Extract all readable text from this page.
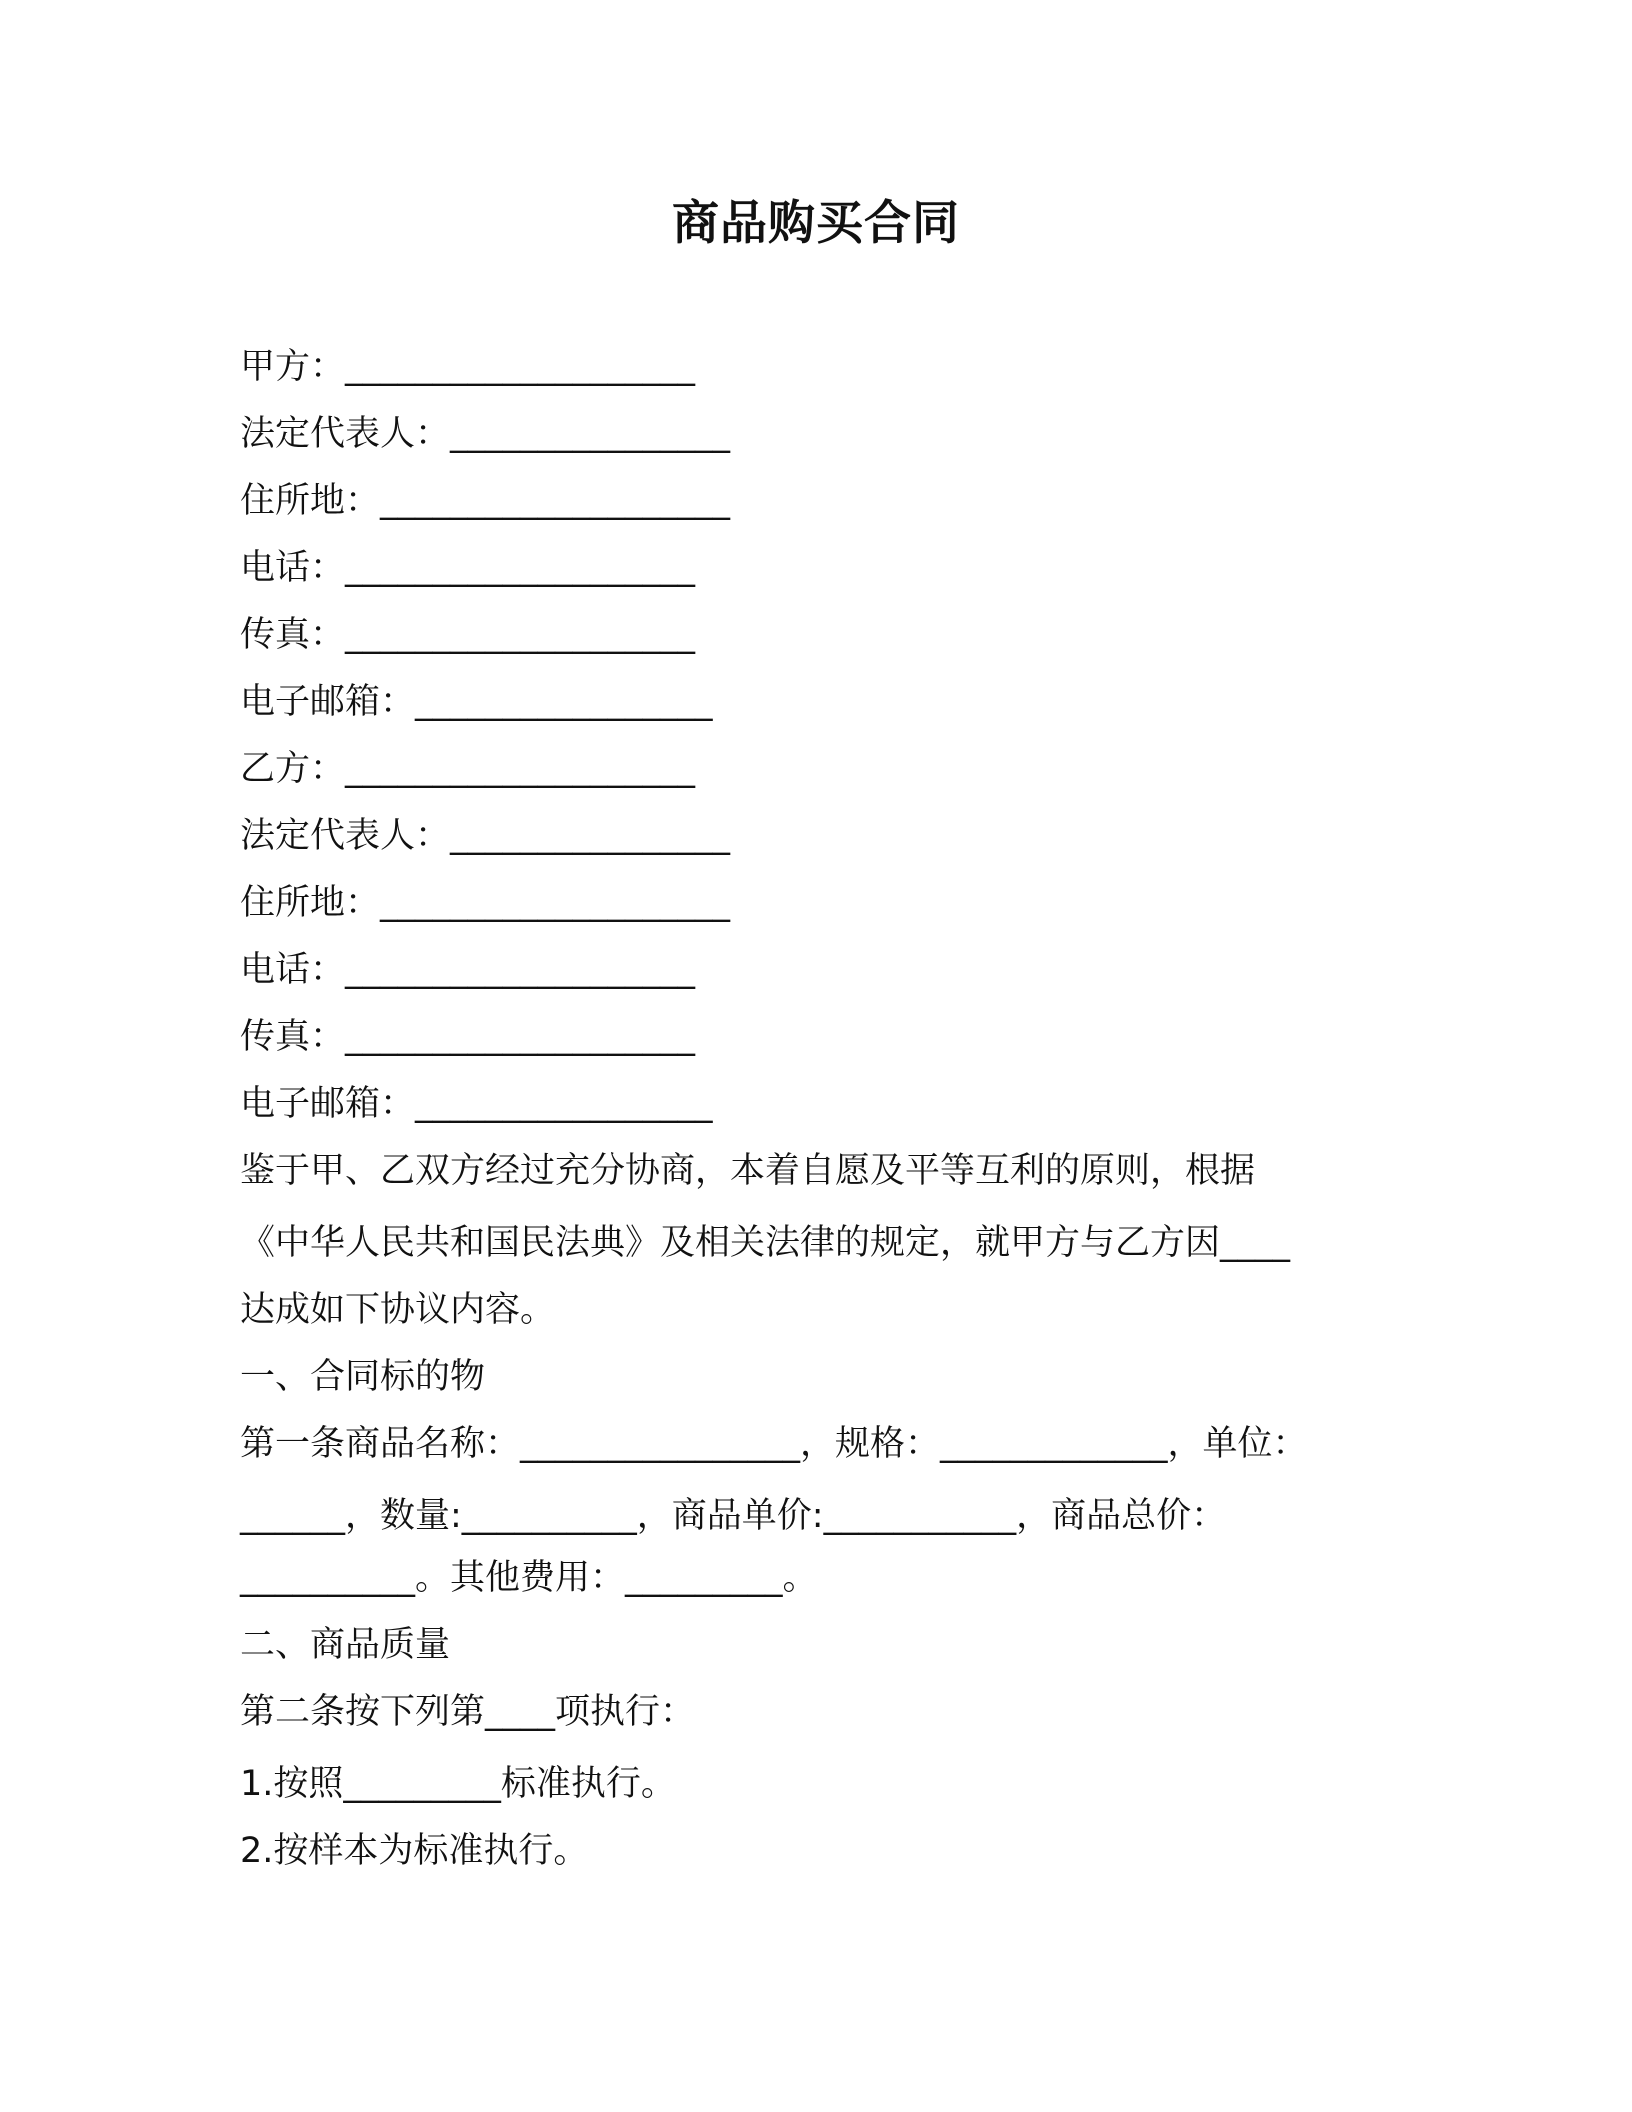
商品购买合同
甲方：____________________
法定代表人：________________
住所地：____________________
电话：____________________
传真：____________________
电子邮箱：_________________
乙方：____________________
法定代表人：________________
住所地：____________________
电话：____________________
传真：____________________
电子邮箱：_________________
鉴于甲、乙双方经过充分协商，本着自愿及平等互利的原则，根据
《中华人民共和国民法典》及相关法律的规定，就甲方与乙方因____
达成如下协议内容。
一、合同标的物
第一条商品名称：________________，规格：_____________，单位：
______，数量:__________，商品单价:___________，商品总价：
__________。其他费用：_________。
二、商品质量
第二条按下列第____项执行：
1.按照_________标准执行。
2.按样本为标准执行。
